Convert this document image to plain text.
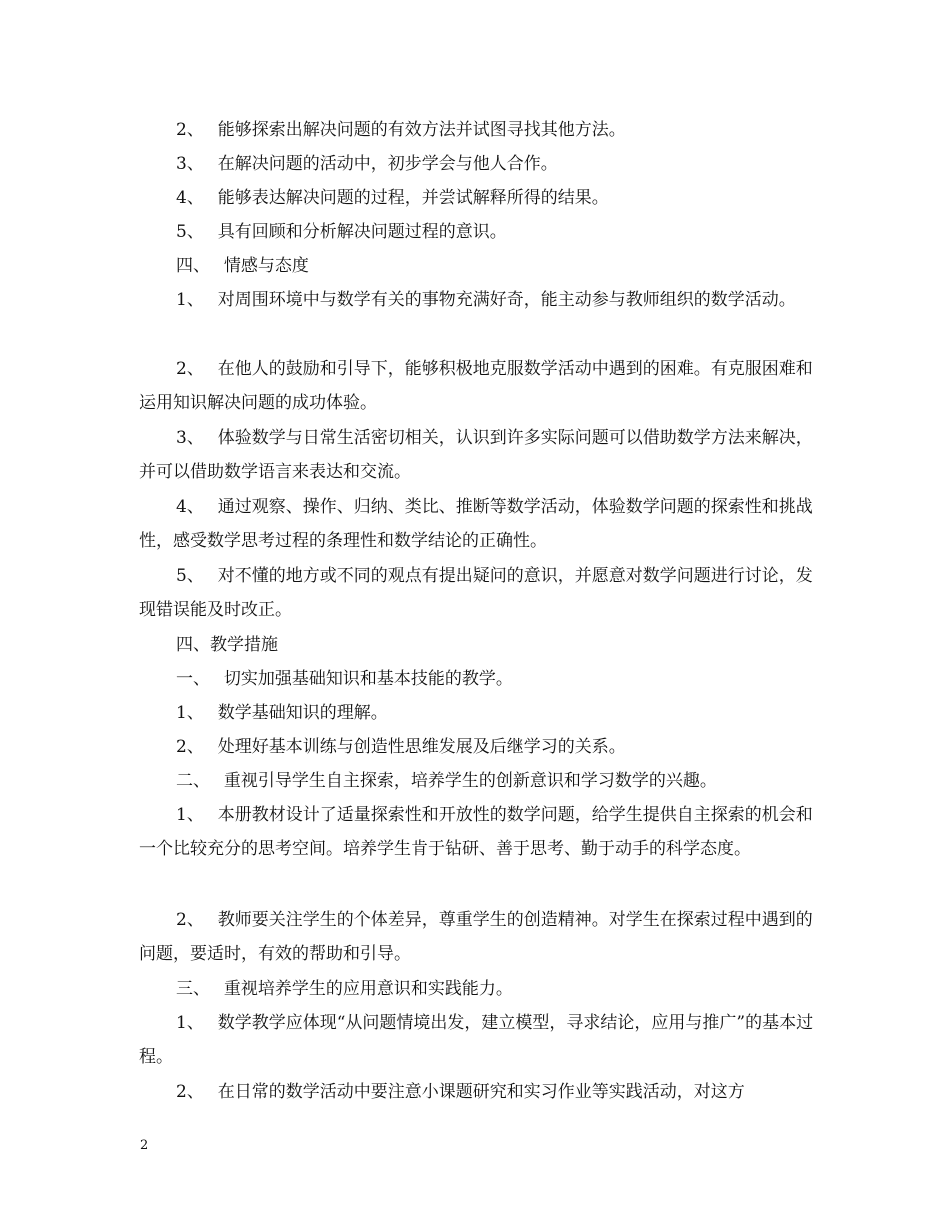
2、　 能够探索出解决问题的有效方法并试图寻找其他方法。

3、　 在解决问题的活动中，初步学会与他人合作。

4、　 能够表达解决问题的过程，并尝试解释所得的结果。

5、　 具有回顾和分析解决问题过程的意识。

四、　 情感与态度

1、　 对周围环境中与数学有关的事物充满好奇，能主动参与教师组织的数学活动。

2、　 在他人的鼓励和引导下，能够积极地克服数学活动中遇到的困难。有克服困难和运用知识解决问题的成功体验。

3、　 体验数学与日常生活密切相关，认识到许多实际问题可以借助数学方法来解决，并可以借助数学语言来表达和交流。

4、　 通过观察、操作、归纳、类比、推断等数学活动，体验数学问题的探索性和挑战性，感受数学思考过程的条理性和数学结论的正确性。

5、　 对不懂的地方或不同的观点有提出疑问的意识，并愿意对数学问题进行讨论，发现错误能及时改正。

四、教学措施

一、　 切实加强基础知识和基本技能的教学。

1、　 数学基础知识的理解。

2、　 处理好基本训练与创造性思维发展及后继学习的关系。

二、　 重视引导学生自主探索，培养学生的创新意识和学习数学的兴趣。

1、　 本册教材设计了适量探索性和开放性的数学问题，给学生提供自主探索的机会和一个比较充分的思考空间。培养学生肯于钻研、善于思考、勤于动手的科学态度。

2、　 教师要关注学生的个体差异，尊重学生的创造精神。对学生在探索过程中遇到的问题，要适时，有效的帮助和引导。

三、　 重视培养学生的应用意识和实践能力。

1、　 数学教学应体现“从问题情境出发，建立模型，寻求结论，应用与推广”的基本过程。

2、　 在日常的数学活动中要注意小课题研究和实习作业等实践活动，对这方

2
